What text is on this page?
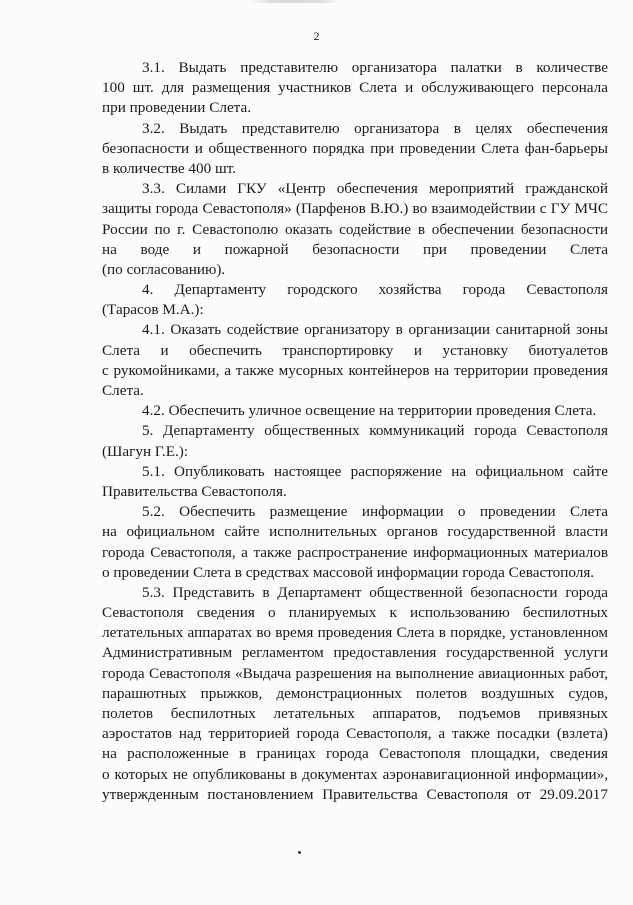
2
3.1. Выдать представителю организатора палатки в количестве
100 шт. для размещения участников Слета и обслуживающего персонала
при проведении Слета.
3.2. Выдать представителю организатора в целях обеспечения
безопасности и общественного порядка при проведении Слета фан-барьеры
в количестве 400 шт.
3.3. Силами ГКУ «Центр обеспечения мероприятий гражданской
защиты города Севастополя» (Парфенов В.Ю.) во взаимодействии с ГУ МЧС
России по г. Севастополю оказать содействие в обеспечении безопасности
на воде и пожарной безопасности при проведении Слета
(по согласованию).
4. Департаменту городского хозяйства города Севастополя
(Тарасов М.А.):
4.1. Оказать содействие организатору в организации санитарной зоны
Слета и обеспечить транспортировку и установку биотуалетов
с рукомойниками, а также мусорных контейнеров на территории проведения
Слета.
4.2. Обеспечить уличное освещение на территории проведения Слета.
5. Департаменту общественных коммуникаций города Севастополя
(Шагун Г.Е.):
5.1. Опубликовать настоящее распоряжение на официальном сайте
Правительства Севастополя.
5.2. Обеспечить размещение информации о проведении Слета
на официальном сайте исполнительных органов государственной власти
города Севастополя, а также распространение информационных материалов
о проведении Слета в средствах массовой информации города Севастополя.
5.3. Представить в Департамент общественной безопасности города
Севастополя сведения о планируемых к использованию беспилотных
летательных аппаратах во время проведения Слета в порядке, установленном
Административным регламентом предоставления государственной услуги
города Севастополя «Выдача разрешения на выполнение авиационных работ,
парашютных прыжков, демонстрационных полетов воздушных судов,
полетов беспилотных летательных аппаратов, подъемов привязных
аэростатов над территорией города Севастополя, а также посадки (взлета)
на расположенные в границах города Севастополя площадки, сведения
о которых не опубликованы в документах аэронавигационной информации»,
утвержденным постановлением Правительства Севастополя от 29.09.2017
